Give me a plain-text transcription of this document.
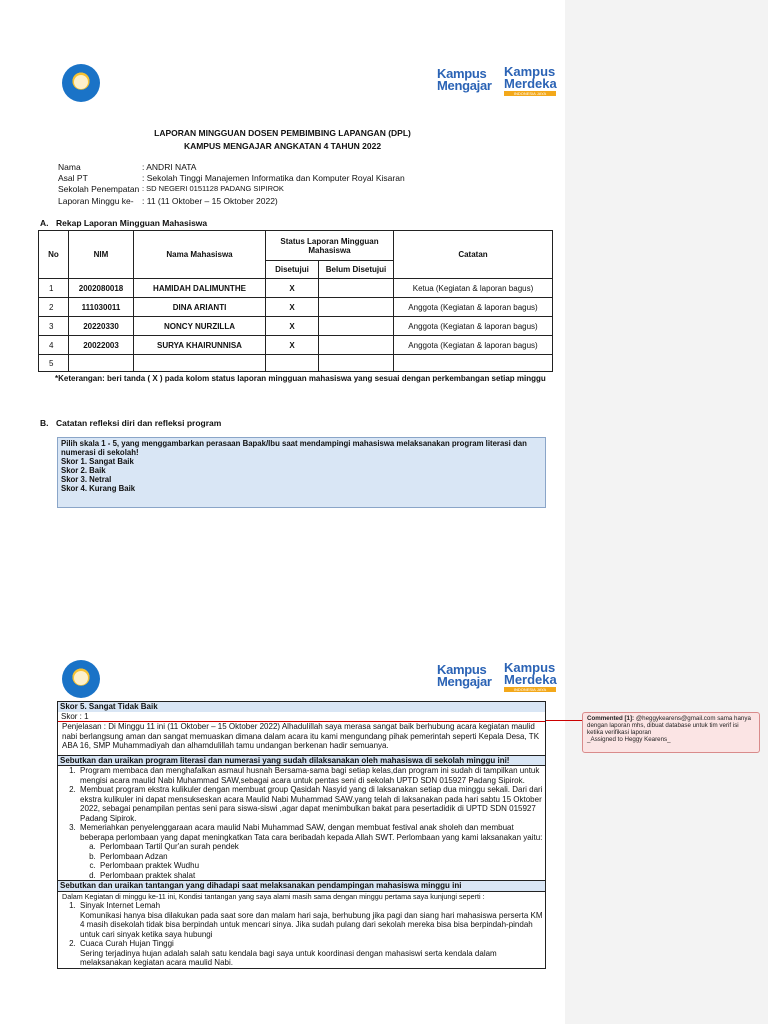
Kampus
Mengajar
Kampus
Merdeka
INDONESIA JAYA
LAPORAN MINGGUAN DOSEN PEMBIMBING LAPANGAN (DPL)
KAMPUS MENGAJAR ANGKATAN 4 TAHUN 2022
Nama	: ANDRI NATA
Asal PT	: Sekolah Tinggi Manajemen Informatika dan Komputer Royal Kisaran
Sekolah Penempatan : SD NEGERI 0151128 PADANG SIPIROK
Laporan Minggu ke- : 11 (11 Oktober – 15 Oktober 2022)
A. Rekap Laporan Mingguan Mahasiswa
No	NIM	Nama Mahasiswa	Status Laporan Mingguan Mahasiswa		Catatan
			Disetujui	Belum Disetujui	
1	2002080018	HAMIDAH DALIMUNTHE	X		Ketua (Kegiatan & laporan bagus)
2	111030011	DINA ARIANTI	X		Anggota (Kegiatan & laporan bagus)
3	20220330	NONCY NURZILLA	X		Anggota (Kegiatan & laporan bagus)
4	20022003	SURYA KHAIRUNNISA	X		Anggota (Kegiatan & laporan bagus)
5					
*Keterangan: beri tanda ( X ) pada kolom status laporan mingguan mahasiswa yang sesuai dengan perkembangan setiap minggu
B. Catatan refleksi diri dan refleksi program
Pilih skala 1 - 5, yang menggambarkan perasaan Bapak/Ibu saat mendampingi mahasiswa melaksanakan program literasi dan numerasi di sekolah!
Skor 1. Sangat Baik
Skor 2. Baik
Skor 3. Netral
Skor 4. Kurang Baik
Kampus
Mengajar
Kampus
Merdeka
INDONESIA JAYA
Skor 5. Sangat Tidak Baik
Skor : 1
Penjelasan : Di Minggu 11 ini (11 Oktober – 15 Oktober 2022) Alhadulillah saya merasa sangat baik berhubung acara kegiatan maulid nabi berlangsung aman dan sangat memuaskan dimana dalam acara itu kami mengundang pihak pemerintah seperti Kepala Desa, TK ABA 16, SMP Muhammadiyah dan alhamdulillah tamu undangan berkenan hadir semuanya.
Sebutkan dan uraikan program literasi dan numerasi yang sudah dilaksanakan oleh mahasiswa di sekolah minggu ini!
1. Program membaca dan menghafalkan asmaul husnah Bersama-sama bagi setiap kelas,dan program ini sudah di tampilkan untuk mengisi acara maulid Nabi Muhammad SAW,sebagai acara untuk pentas seni di sekolah UPTD SDN 015927 Padang Sipirok.
2. Membuat program ekstra kulikuler dengan membuat group Qasidah Nasyid yang di laksanakan setiap dua minggu sekali. Dari dari ekstra kulikuler ini dapat mensukseskan acara Maulid Nabi Muhammad SAW.yang telah di laksanakan pada hari sabtu 15 Oktober 2022, sebagai penampilan pentas seni para siswa-siswi ,agar dapat menimbulkan bakat para pesertadidik di UPTD SDN 015927 Padang Sipirok.
3. Memeriahkan penyelenggaraan acara maulid Nabi Muhammad SAW, dengan membuat festival anak sholeh dan membuat beberapa perlombaan yang dapat meningkatkan Tata cara beribadah kepada Allah SWT. Perlombaan yang kami laksanakan yaitu:
a. Perlombaan Tartil Qur'an surah pendek
b. Perlombaan Adzan
c. Perlombaan praktek Wudhu
d. Perlombaan praktek shalat
Sebutkan dan uraikan tantangan yang dihadapi saat melaksanakan pendampingan mahasiswa minggu ini
Dalam Kegiatan di minggu ke-11 ini, Kondisi tantangan yang saya alami masih sama dengan minggu pertama saya kunjungi seperti :
1. Sinyak Internet Lemah
Komunikasi hanya bisa dilakukan pada saat sore dan malam hari saja, berhubung jika pagi dan siang hari mahasiswa perserta KM 4 masih disekolah tidak bisa berpindah untuk mencari sinya. Jika sudah pulang dari sekolah mereka bisa bisa berpindah-pindah untuk cari sinyak ketika saya hubungi
2. Cuaca Curah Hujan Tinggi
Sering terjadinya hujan adalah salah satu kendala bagi saya untuk koordinasi dengan mahasiswi serta kendala dalam melaksanakan kegiatan acara maulid Nabi.
Commented [1]: @heggykearens@gmail.com sama hanya dengan laporan mhs, dibuat database untuk tim verif isi ketika verifikasi laporan
_Assigned to Heggy Kearens_
